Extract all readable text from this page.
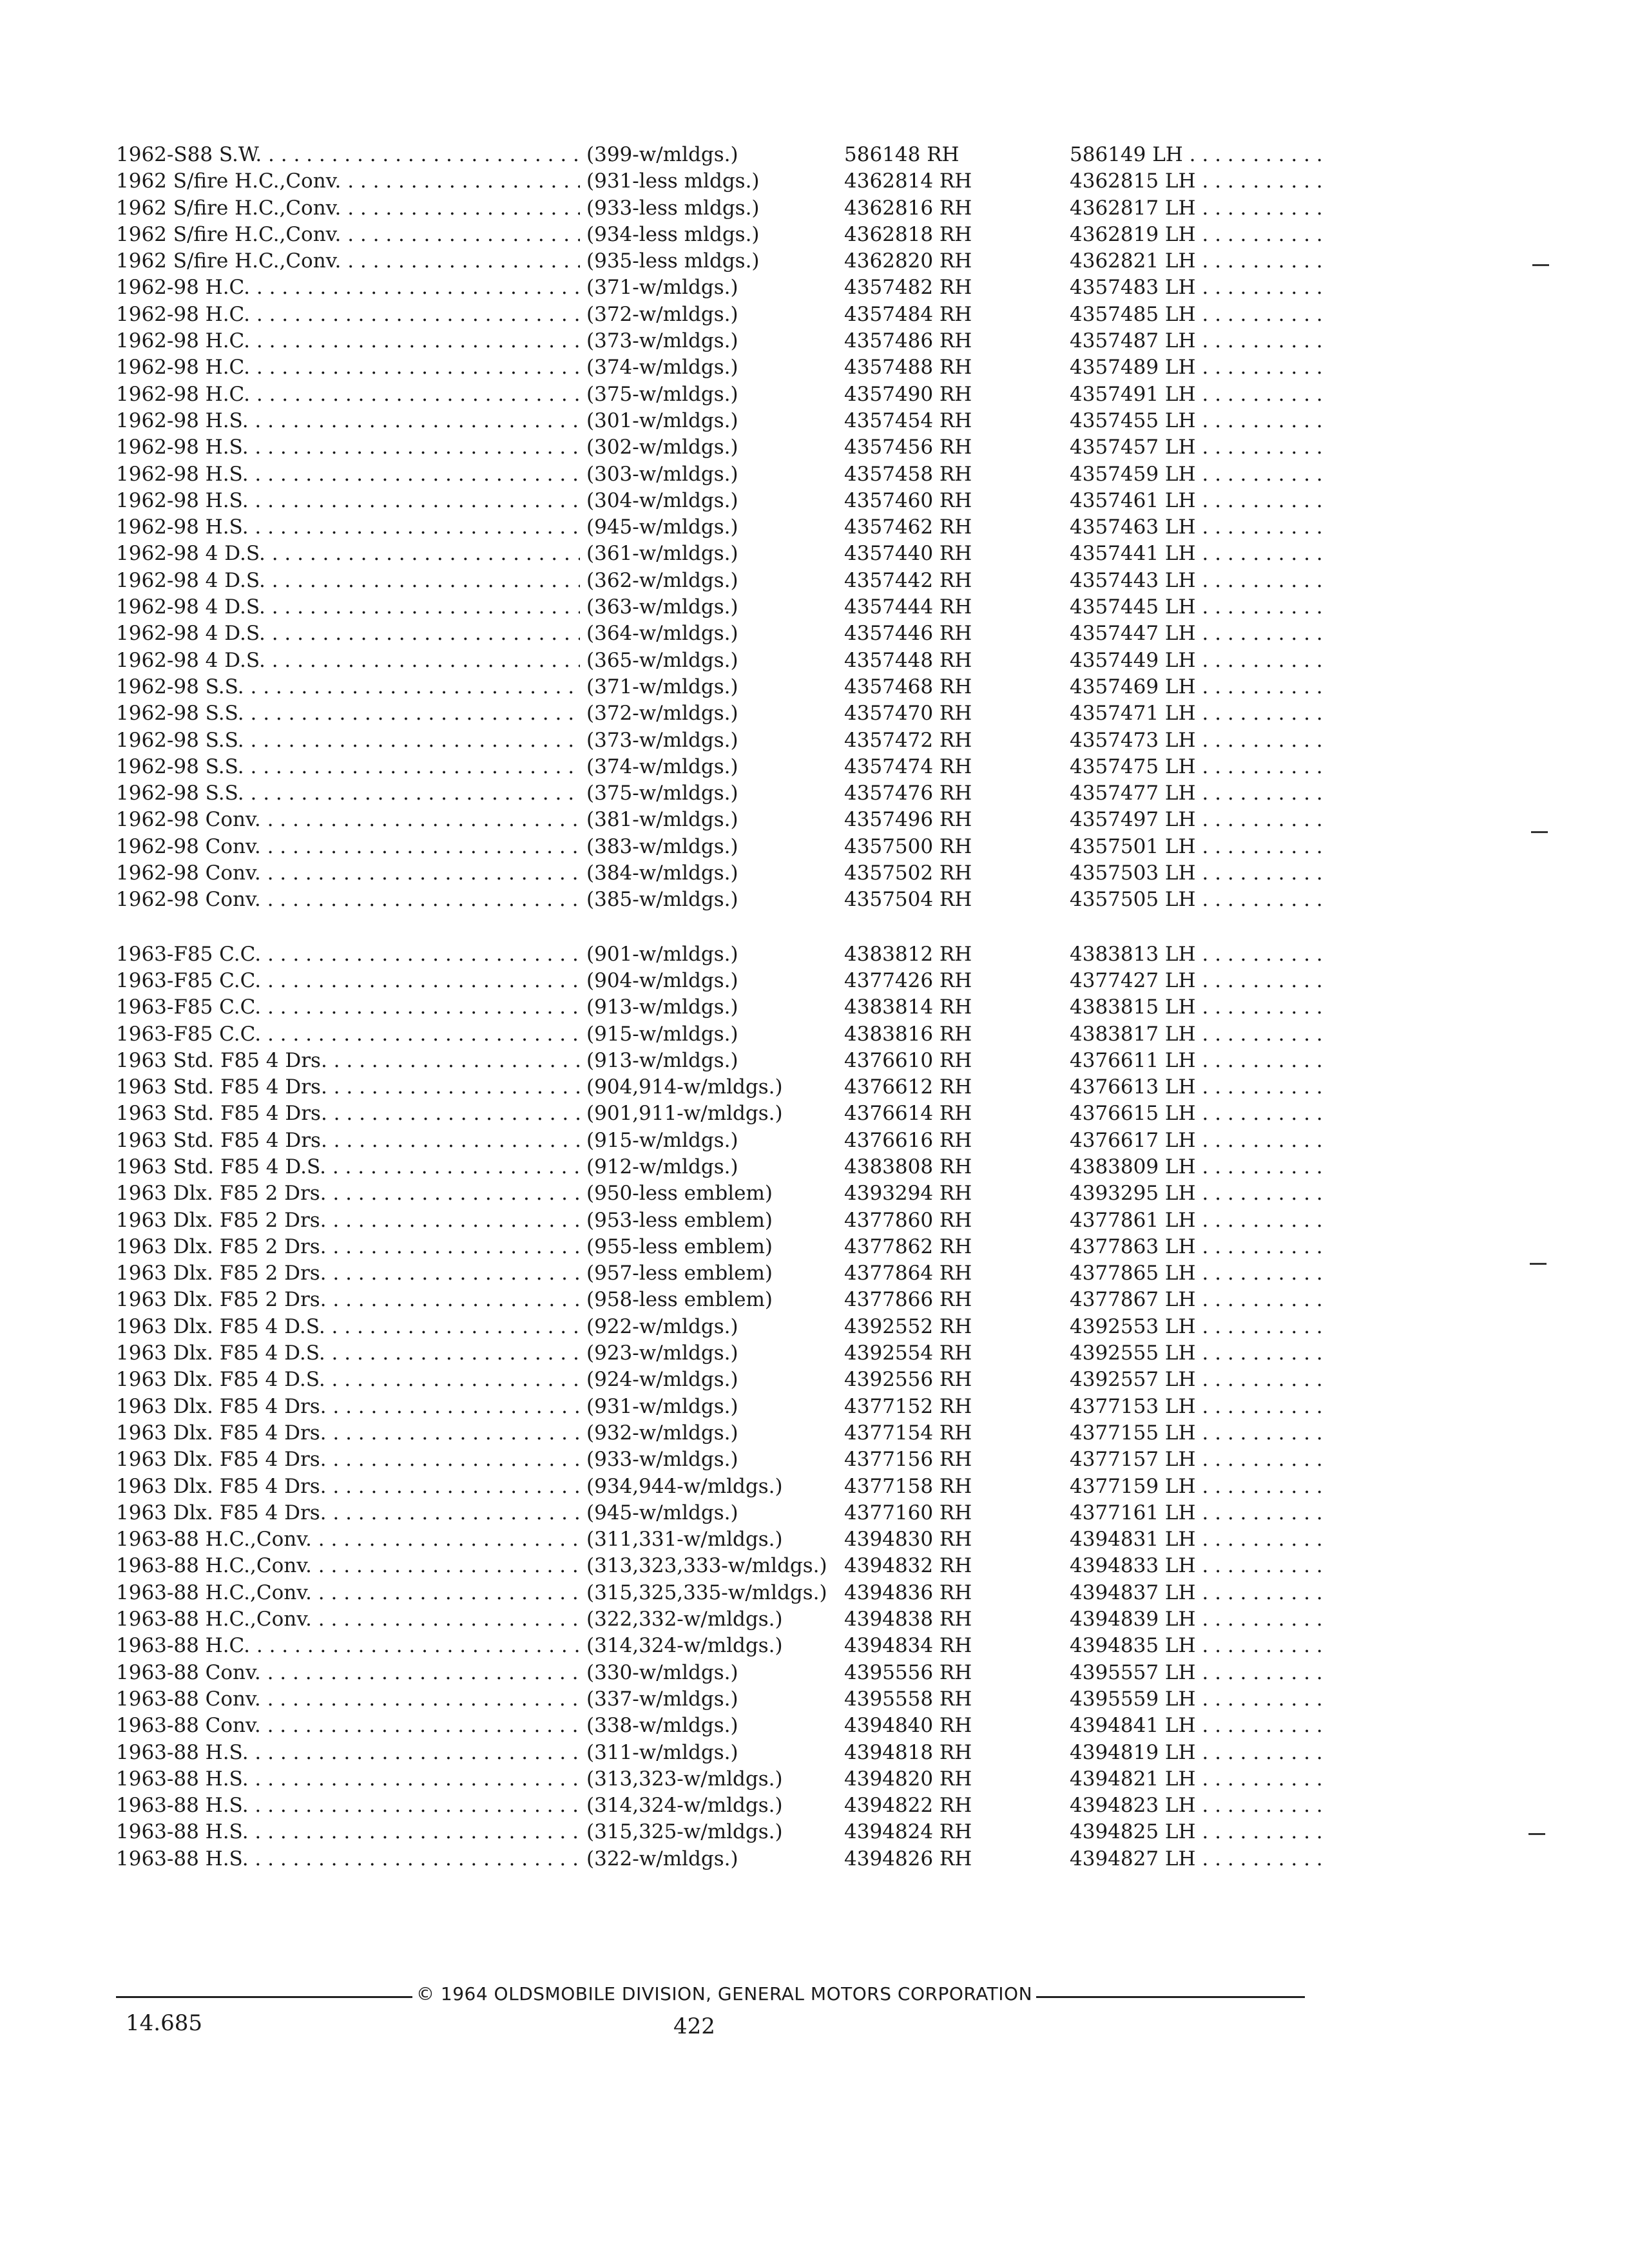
1962-S88 S.W. . . .	(399-w/mldgs.)	586148 RH	586149 LH . . .
1962 S/fire H.C.,Conv. . . .	(931-less mldgs.)	4362814 RH	4362815 LH . . .
1962 S/fire H.C.,Conv. . . .	(933-less mldgs.)	4362816 RH	4362817 LH . . .
1962 S/fire H.C.,Conv. . . .	(934-less mldgs.)	4362818 RH	4362819 LH . . .
1962 S/fire H.C.,Conv. . . .	(935-less mldgs.)	4362820 RH	4362821 LH . . .
1962-98 H.C. . . .	(371-w/mldgs.)	4357482 RH	4357483 LH . . .
1962-98 H.C. . . .	(372-w/mldgs.)	4357484 RH	4357485 LH . . .
1962-98 H.C. . . .	(373-w/mldgs.)	4357486 RH	4357487 LH . . .
1962-98 H.C. . . .	(374-w/mldgs.)	4357488 RH	4357489 LH . . .
1962-98 H.C. . . .	(375-w/mldgs.)	4357490 RH	4357491 LH . . .
1962-98 H.S. . . .	(301-w/mldgs.)	4357454 RH	4357455 LH . . .
1962-98 H.S. . . .	(302-w/mldgs.)	4357456 RH	4357457 LH . . .
1962-98 H.S. . . .	(303-w/mldgs.)	4357458 RH	4357459 LH . . .
1962-98 H.S. . . .	(304-w/mldgs.)	4357460 RH	4357461 LH . . .
1962-98 H.S. . . .	(945-w/mldgs.)	4357462 RH	4357463 LH . . .
1962-98 4 D.S. . . .	(361-w/mldgs.)	4357440 RH	4357441 LH . . .
1962-98 4 D.S. . . .	(362-w/mldgs.)	4357442 RH	4357443 LH . . .
1962-98 4 D.S. . . .	(363-w/mldgs.)	4357444 RH	4357445 LH . . .
1962-98 4 D.S. . . .	(364-w/mldgs.)	4357446 RH	4357447 LH . . .
1962-98 4 D.S. . . .	(365-w/mldgs.)	4357448 RH	4357449 LH . . .
1962-98 S.S. . . .	(371-w/mldgs.)	4357468 RH	4357469 LH . . .
1962-98 S.S. . . .	(372-w/mldgs.)	4357470 RH	4357471 LH . . .
1962-98 S.S. . . .	(373-w/mldgs.)	4357472 RH	4357473 LH . . .
1962-98 S.S. . . .	(374-w/mldgs.)	4357474 RH	4357475 LH . . .
1962-98 S.S. . . .	(375-w/mldgs.)	4357476 RH	4357477 LH . . .
1962-98 Conv. . . .	(381-w/mldgs.)	4357496 RH	4357497 LH . . .
1962-98 Conv. . . .	(383-w/mldgs.)	4357500 RH	4357501 LH . . .
1962-98 Conv. . . .	(384-w/mldgs.)	4357502 RH	4357503 LH . . .
1962-98 Conv. . . .	(385-w/mldgs.)	4357504 RH	4357505 LH . . .
1963-F85 C.C. . . .	(901-w/mldgs.)	4383812 RH	4383813 LH . . .
1963-F85 C.C. . . .	(904-w/mldgs.)	4377426 RH	4377427 LH . . .
1963-F85 C.C. . . .	(913-w/mldgs.)	4383814 RH	4383815 LH . . .
1963-F85 C.C. . . .	(915-w/mldgs.)	4383816 RH	4383817 LH . . .
1963 Std. F85 4 Drs. . . .	(913-w/mldgs.)	4376610 RH	4376611 LH . . .
1963 Std. F85 4 Drs. . . .	(904,914-w/mldgs.)	4376612 RH	4376613 LH . . .
1963 Std. F85 4 Drs. . . .	(901,911-w/mldgs.)	4376614 RH	4376615 LH . . .
1963 Std. F85 4 Drs. . . .	(915-w/mldgs.)	4376616 RH	4376617 LH . . .
1963 Std. F85 4 D.S. . . .	(912-w/mldgs.)	4383808 RH	4383809 LH . . .
1963 Dlx. F85 2 Drs. . . .	(950-less emblem)	4393294 RH	4393295 LH . . .
1963 Dlx. F85 2 Drs. . . .	(953-less emblem)	4377860 RH	4377861 LH . . .
1963 Dlx. F85 2 Drs. . . .	(955-less emblem)	4377862 RH	4377863 LH . . .
1963 Dlx. F85 2 Drs. . . .	(957-less emblem)	4377864 RH	4377865 LH . . .
1963 Dlx. F85 2 Drs. . . .	(958-less emblem)	4377866 RH	4377867 LH . . .
1963 Dlx. F85 4 D.S. . . .	(922-w/mldgs.)	4392552 RH	4392553 LH . . .
1963 Dlx. F85 4 D.S. . . .	(923-w/mldgs.)	4392554 RH	4392555 LH . . .
1963 Dlx. F85 4 D.S. . . .	(924-w/mldgs.)	4392556 RH	4392557 LH . . .
1963 Dlx. F85 4 Drs. . . .	(931-w/mldgs.)	4377152 RH	4377153 LH . . .
1963 Dlx. F85 4 Drs. . . .	(932-w/mldgs.)	4377154 RH	4377155 LH . . .
1963 Dlx. F85 4 Drs. . . .	(933-w/mldgs.)	4377156 RH	4377157 LH . . .
1963 Dlx. F85 4 Drs. . . .	(934,944-w/mldgs.)	4377158 RH	4377159 LH . . .
1963 Dlx. F85 4 Drs. . . .	(945-w/mldgs.)	4377160 RH	4377161 LH . . .
1963-88 H.C.,Conv. . . .	(311,331-w/mldgs.)	4394830 RH	4394831 LH . . .
1963-88 H.C.,Conv. . . .	(313,323,333-w/mldgs.) 4394832 RH	4394833 LH . . .
1963-88 H.C.,Conv. . . .	(315,325,335-w/mldgs.) 4394836 RH	4394837 LH . . .
1963-88 H.C.,Conv. . . .	(322,332-w/mldgs.)	4394838 RH	4394839 LH . . .
1963-88 H.C. . . .	(314,324-w/mldgs.)	4394834 RH	4394835 LH . . .
1963-88 Conv. . . .	(330-w/mldgs.)	4395556 RH	4395557 LH . . .
1963-88 Conv. . . .	(337-w/mldgs.)	4395558 RH	4395559 LH . . .
1963-88 Conv. . . .	(338-w/mldgs.)	4394840 RH	4394841 LH . . .
1963-88 H.S. . . .	(311-w/mldgs.)	4394818 RH	4394819 LH . . .
1963-88 H.S. . . .	(313,323-w/mldgs.)	4394820 RH	4394821 LH . . .
1963-88 H.S. . . .	(314,324-w/mldgs.)	4394822 RH	4394823 LH . . .
1963-88 H.S. . . .	(315,325-w/mldgs.)	4394824 RH	4394825 LH . . .
1963-88 H.S. . . .	(322-w/mldgs.)	4394826 RH	4394827 LH . . .
© 1964 OLDSMOBILE DIVISION, GENERAL MOTORS CORPORATION
14.685	422
